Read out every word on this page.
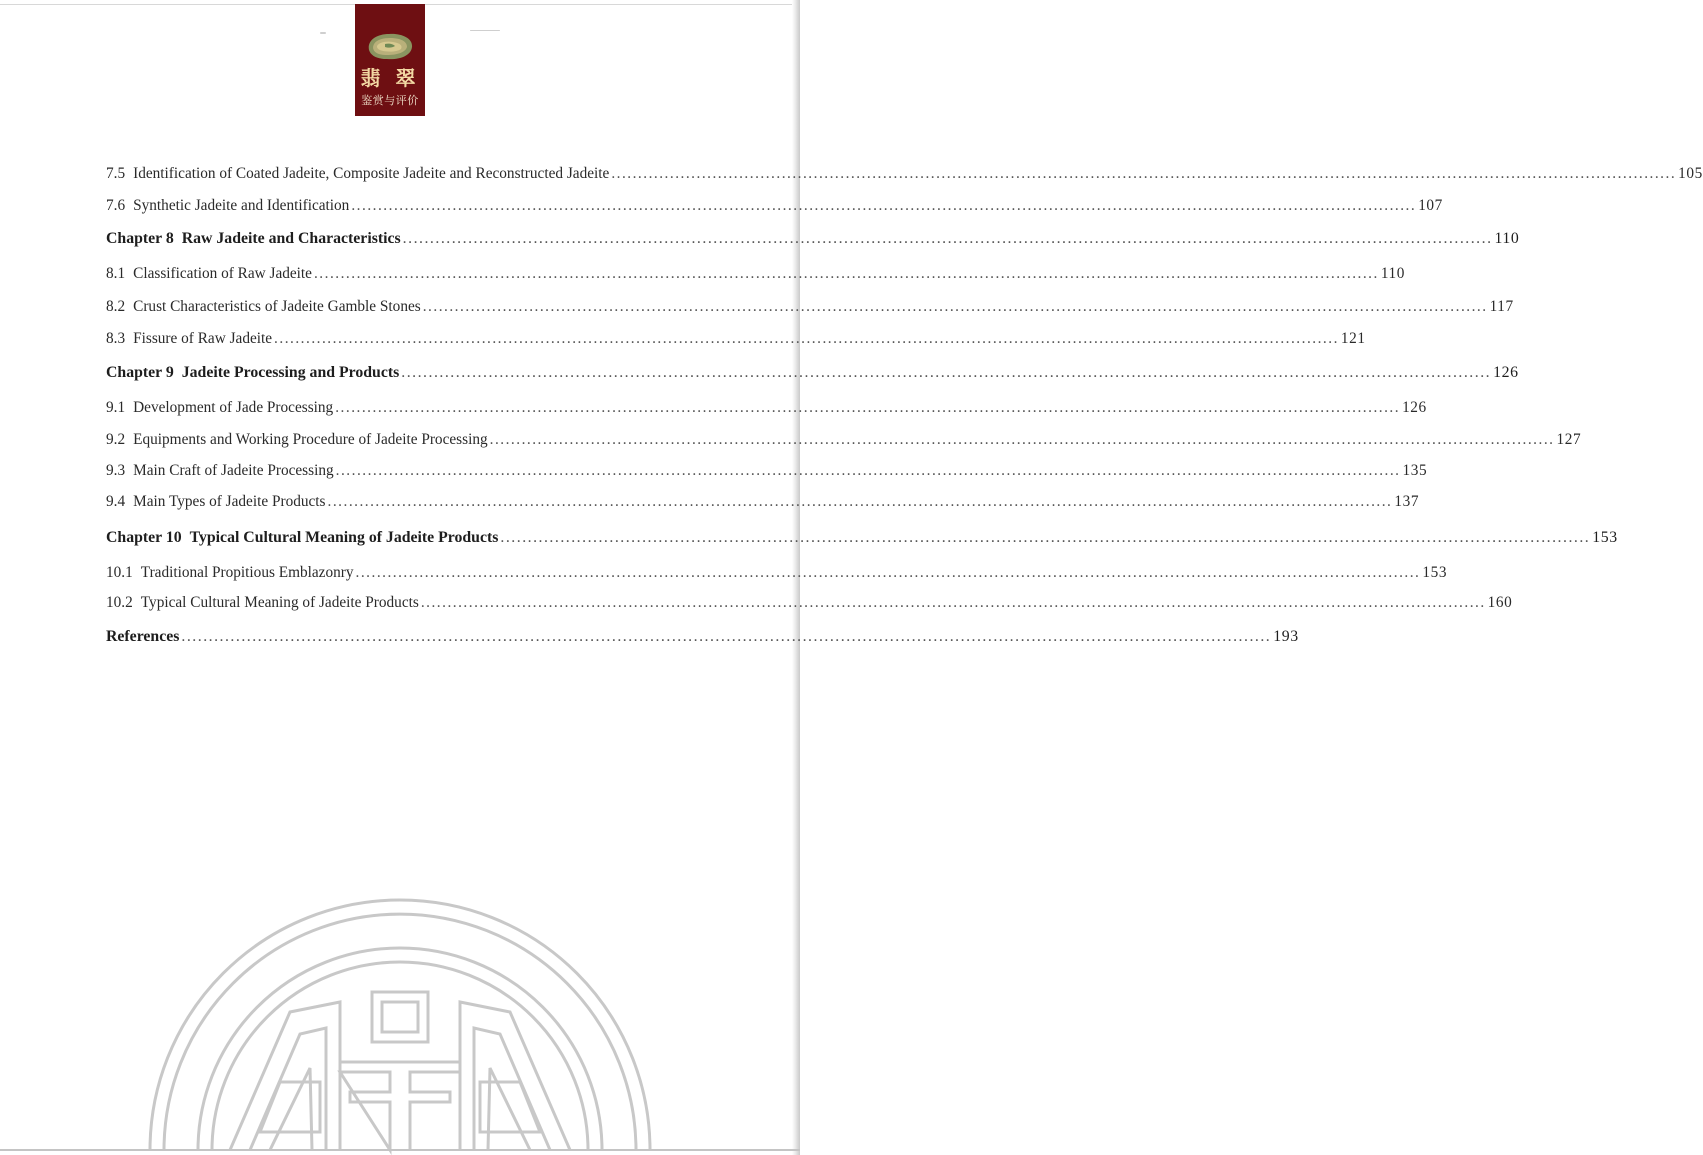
翡 翠
鉴赏与评价
7.5 Identification of Coated Jadeite, Composite Jadeite and Reconstructed Jadeite ........................................................................................................................................................................................................ 105
7.6 Synthetic Jadeite and Identification ........................................................................................................................................................................................................ 107
Chapter 8 Raw Jadeite and Characteristics ........................................................................................................................................................................................................ 110
8.1 Classification of Raw Jadeite ........................................................................................................................................................................................................ 110
8.2 Crust Characteristics of Jadeite Gamble Stones ........................................................................................................................................................................................................ 117
8.3 Fissure of Raw Jadeite ........................................................................................................................................................................................................ 121
Chapter 9 Jadeite Processing and Products ........................................................................................................................................................................................................ 126
9.1 Development of Jade Processing ........................................................................................................................................................................................................ 126
9.2 Equipments and Working Procedure of Jadeite Processing ........................................................................................................................................................................................................ 127
9.3 Main Craft of Jadeite Processing ........................................................................................................................................................................................................ 135
9.4 Main Types of Jadeite Products ........................................................................................................................................................................................................ 137
Chapter 10 Typical Cultural Meaning of Jadeite Products ........................................................................................................................................................................................................ 153
10.1 Traditional Propitious Emblazonry ........................................................................................................................................................................................................ 153
10.2 Typical Cultural Meaning of Jadeite Products ........................................................................................................................................................................................................ 160
References ........................................................................................................................................................................................................ 193
